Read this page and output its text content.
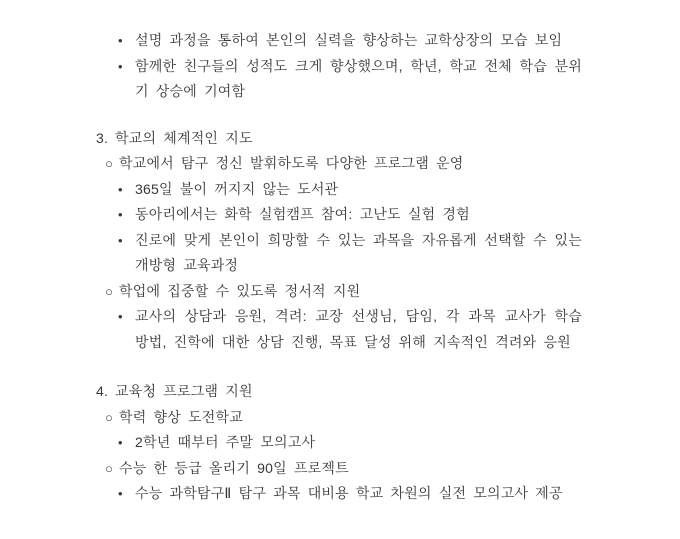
• 설명 과정을 통하여 본인의 실력을 향상하는 교학상장의 모습 보임
• 함께한 친구들의 성적도 크게 향상했으며, 학년, 학교 전체 학습 분위기 상승에 기여함
3. 학교의 체계적인 지도
○ 학교에서 탐구 정신 발휘하도록 다양한 프로그램 운영
• 365일 불이 꺼지지 않는 도서관
• 동아리에서는 화학 실험캠프 참여: 고난도 실험 경험
• 진로에 맞게 본인이 희망할 수 있는 과목을 자유롭게 선택할 수 있는 개방형 교육과정
○ 학업에 집중할 수 있도록 정서적 지원
• 교사의 상담과 응원, 격려: 교장 선생님, 담임, 각 과목 교사가 학습 방법, 진학에 대한 상담 진행, 목표 달성 위해 지속적인 격려와 응원
4. 교육청 프로그램 지원
○ 학력 향상 도전학교
• 2학년 때부터 주말 모의고사
○ 수능 한 등급 올리기 90일 프로젝트
• 수능 과학탐구Ⅱ 탐구 과목 대비용 학교 차원의 실전 모의고사 제공
